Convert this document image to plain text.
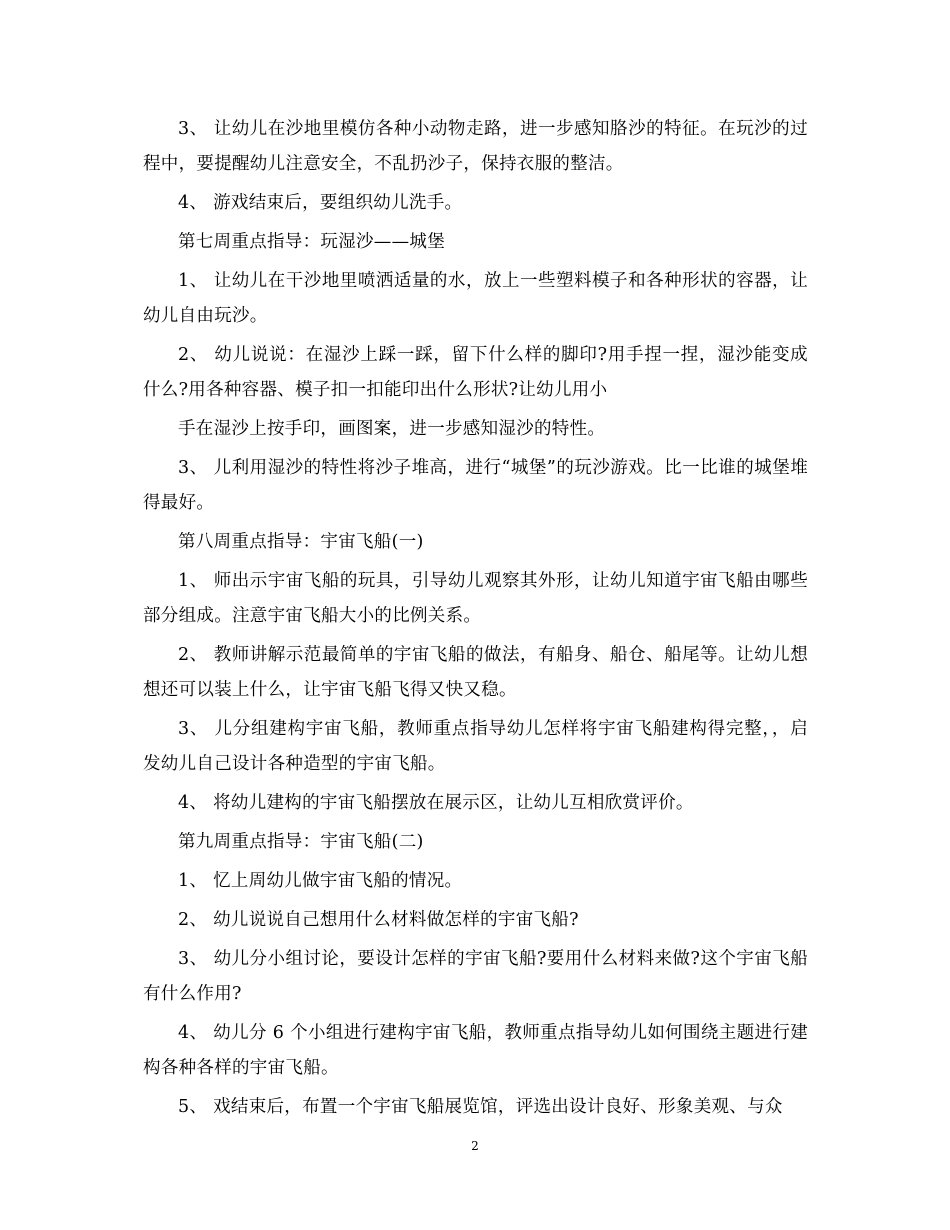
3、 让幼儿在沙地里模仿各种小动物走路，进一步感知胳沙的特征。在玩沙的过程中，要提醒幼儿注意安全，不乱扔沙子，保持衣服的整洁。

4、 游戏结束后，要组织幼儿洗手。

第七周重点指导：玩湿沙——城堡

1、 让幼儿在干沙地里喷洒适量的水，放上一些塑料模子和各种形状的容器，让幼儿自由玩沙。

2、 幼儿说说：在湿沙上踩一踩，留下什么样的脚印?用手捏一捏，湿沙能变成什么?用各种容器、模子扣一扣能印出什么形状?让幼儿用小

手在湿沙上按手印，画图案，进一步感知湿沙的特性。

3、 儿利用湿沙的特性将沙子堆高，进行“城堡”的玩沙游戏。比一比谁的城堡堆得最好。

第八周重点指导：宇宙飞船(一)

1、 师出示宇宙飞船的玩具，引导幼儿观察其外形，让幼儿知道宇宙飞船由哪些部分组成。注意宇宙飞船大小的比例关系。

2、 教师讲解示范最简单的宇宙飞船的做法，有船身、船仓、船尾等。让幼儿想想还可以装上什么，让宇宙飞船飞得又快又稳。

3、 儿分组建构宇宙飞船，教师重点指导幼儿怎样将宇宙飞船建构得完整，，启发幼儿自己设计各种造型的宇宙飞船。

4、 将幼儿建构的宇宙飞船摆放在展示区，让幼儿互相欣赏评价。

第九周重点指导：宇宙飞船(二)

1、 忆上周幼儿做宇宙飞船的情况。

2、 幼儿说说自己想用什么材料做怎样的宇宙飞船?

3、 幼儿分小组讨论，要设计怎样的宇宙飞船?要用什么材料来做?这个宇宙飞船有什么作用?

4、 幼儿分 6 个小组进行建构宇宙飞船，教师重点指导幼儿如何围绕主题进行建构各种各样的宇宙飞船。

5、 戏结束后，布置一个宇宙飞船展览馆，评选出设计良好、形象美观、与众

2
